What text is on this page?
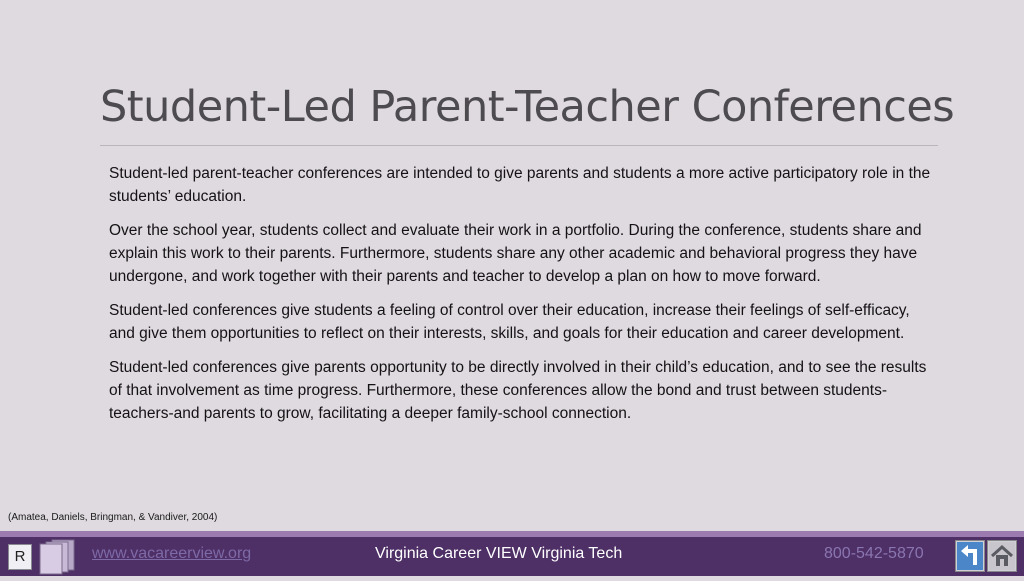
Student-Led Parent-Teacher Conferences

Student-led parent-teacher conferences are intended to give parents and students a more active participatory role in the students’ education.

Over the school year, students collect and evaluate their work in a portfolio. During the conference, students share and explain this work to their parents. Furthermore, students share any other academic and behavioral progress they have undergone, and work together with their parents and teacher to develop a plan on how to move forward.

Student-led conferences give students a feeling of control over their education, increase their feelings of self-efficacy, and give them opportunities to reflect on their interests, skills, and goals for their education and career development.

Student-led conferences give parents opportunity to be directly involved in their child’s education, and to see the results of that involvement as time progress. Furthermore, these conferences allow the bond and trust between students-teachers-and parents to grow, facilitating a deeper family-school connection.

(Amatea, Daniels, Bringman, & Vandiver, 2004)
R	www.vacareerview.org	Virginia Career VIEW Virginia Tech	800-542-5870
